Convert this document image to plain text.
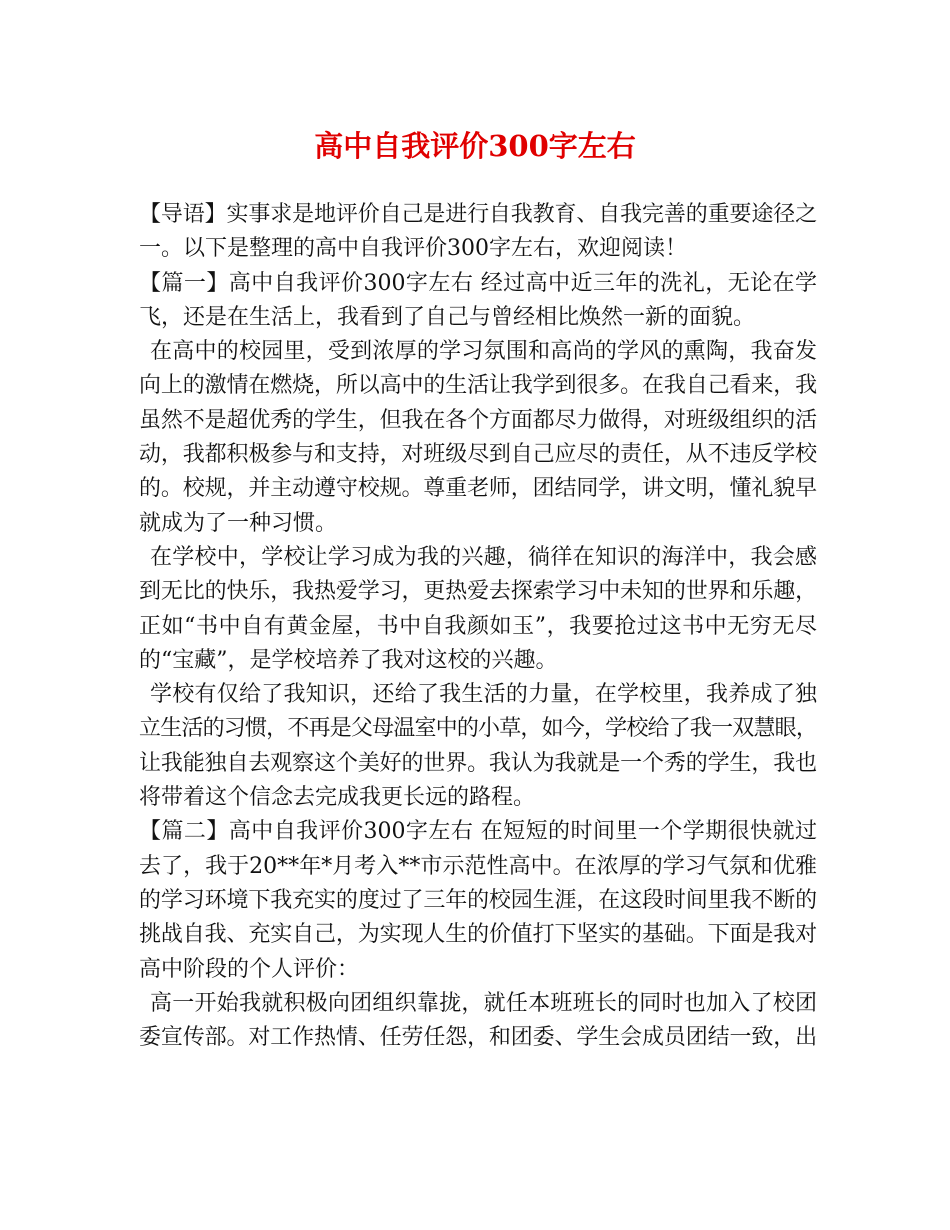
高中自我评价300字左右
【导语】实事求是地评价自己是进行自我教育、自我完善的重要途径之
一。以下是整理的高中自我评价300字左右，欢迎阅读！
【篇一】高中自我评价300字左右 经过高中近三年的洗礼，无论在学
飞，还是在生活上，我看到了自己与曾经相比焕然一新的面貌。
在高中的校园里，受到浓厚的学习氛围和高尚的学风的熏陶，我奋发
向上的激情在燃烧，所以高中的生活让我学到很多。在我自己看来，我
虽然不是超优秀的学生，但我在各个方面都尽力做得，对班级组织的活
动，我都积极参与和支持，对班级尽到自己应尽的责任，从不违反学校
的。校规，并主动遵守校规。尊重老师，团结同学，讲文明，懂礼貌早
就成为了一种习惯。
在学校中，学校让学习成为我的兴趣，徜徉在知识的海洋中，我会感
到无比的快乐，我热爱学习，更热爱去探索学习中未知的世界和乐趣，
正如“书中自有黄金屋，书中自我颜如玉”，我要抢过这书中无穷无尽
的“宝藏”，是学校培养了我对这校的兴趣。
学校有仅给了我知识，还给了我生活的力量，在学校里，我养成了独
立生活的习惯，不再是父母温室中的小草，如今，学校给了我一双慧眼，
让我能独自去观察这个美好的世界。我认为我就是一个秀的学生，我也
将带着这个信念去完成我更长远的路程。
【篇二】高中自我评价300字左右 在短短的时间里一个学期很快就过
去了，我于20**年*月考入**市示范性高中。在浓厚的学习气氛和优雅
的学习环境下我充实的度过了三年的校园生涯，在这段时间里我不断的
挑战自我、充实自己，为实现人生的价值打下坚实的基础。下面是我对
高中阶段的个人评价：
高一开始我就积极向团组织靠拢，就任本班班长的同时也加入了校团
委宣传部。对工作热情、任劳任怨，和团委、学生会成员团结一致，出
